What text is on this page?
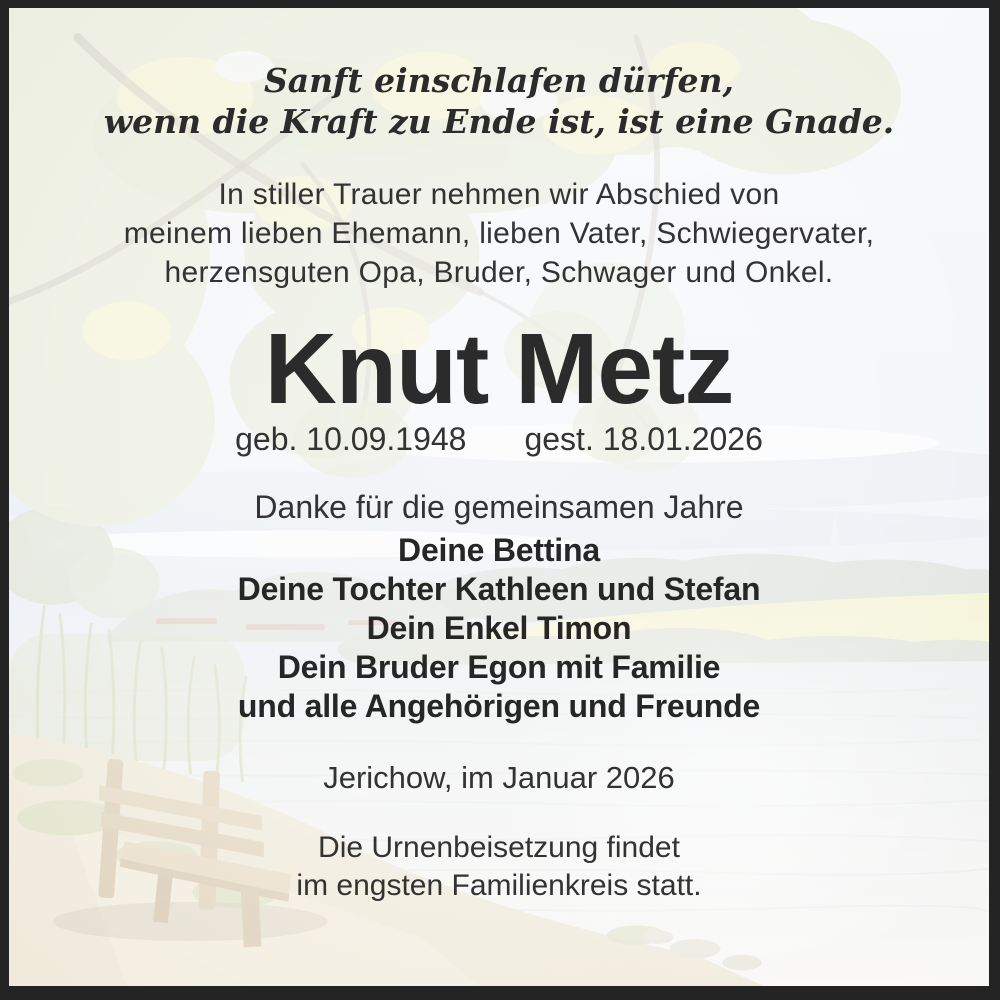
Sanft einschlafen dürfen,
wenn die Kraft zu Ende ist, ist eine Gnade.
In stiller Trauer nehmen wir Abschied von
meinem lieben Ehemann, lieben Vater, Schwiegervater,
herzensguten Opa, Bruder, Schwager und Onkel.
Knut Metz
geb. 10.09.1948 gest. 18.01.2026
Danke für die gemeinsamen Jahre
Deine Bettina
Deine Tochter Kathleen und Stefan
Dein Enkel Timon
Dein Bruder Egon mit Familie
und alle Angehörigen und Freunde
Jerichow, im Januar 2026
Die Urnenbeisetzung findet
im engsten Familienkreis statt.
